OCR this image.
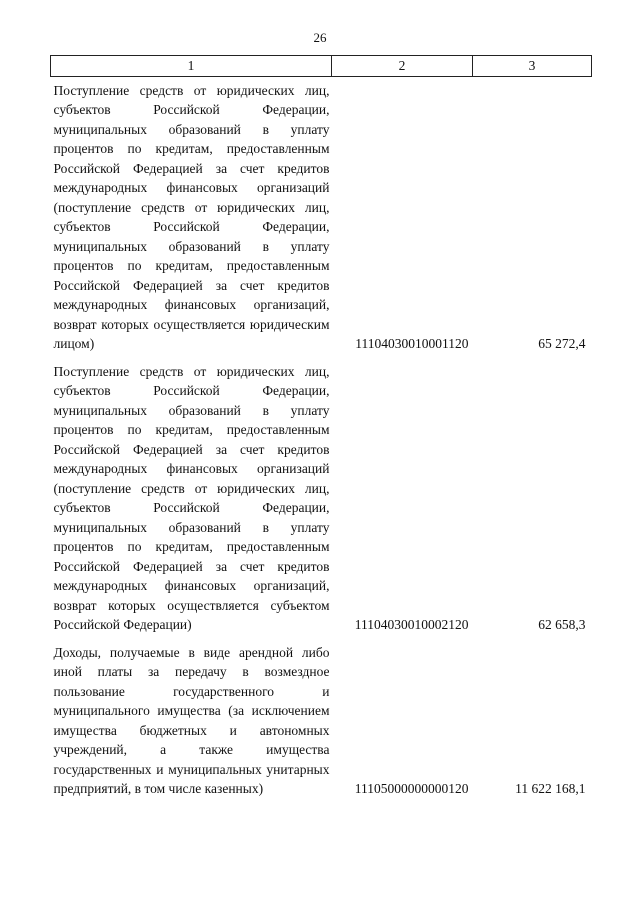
26
1	2	3
Поступление средств от юридических лиц, субъектов Российской Федерации, муниципальных образований в уплату процентов по кредитам, предоставленным Российской Федерацией за счет кредитов международных финансовых организаций (поступление средств от юридических лиц, субъектов Российской Федерации, муниципальных образований в уплату процентов по кредитам, предоставленным Российской Федерацией за счет кредитов международных финансовых организаций, возврат которых осуществляется юридическим лицом)	11104030010001120	65 272,4
Поступление средств от юридических лиц, субъектов Российской Федерации, муниципальных образований в уплату процентов по кредитам, предоставленным Российской Федерацией за счет кредитов международных финансовых организаций (поступление средств от юридических лиц, субъектов Российской Федерации, муниципальных образований в уплату процентов по кредитам, предоставленным Российской Федерацией за счет кредитов международных финансовых организаций, возврат которых осуществляется субъектом Российской Федерации)	11104030010002120	62 658,3
Доходы, получаемые в виде арендной либо иной платы за передачу в возмездное пользование государственного и муниципального имущества (за исключением имущества бюджетных и автономных учреждений, а также имущества государственных и муниципальных унитарных предприятий, в том числе казенных)	11105000000000120	11 622 168,1
